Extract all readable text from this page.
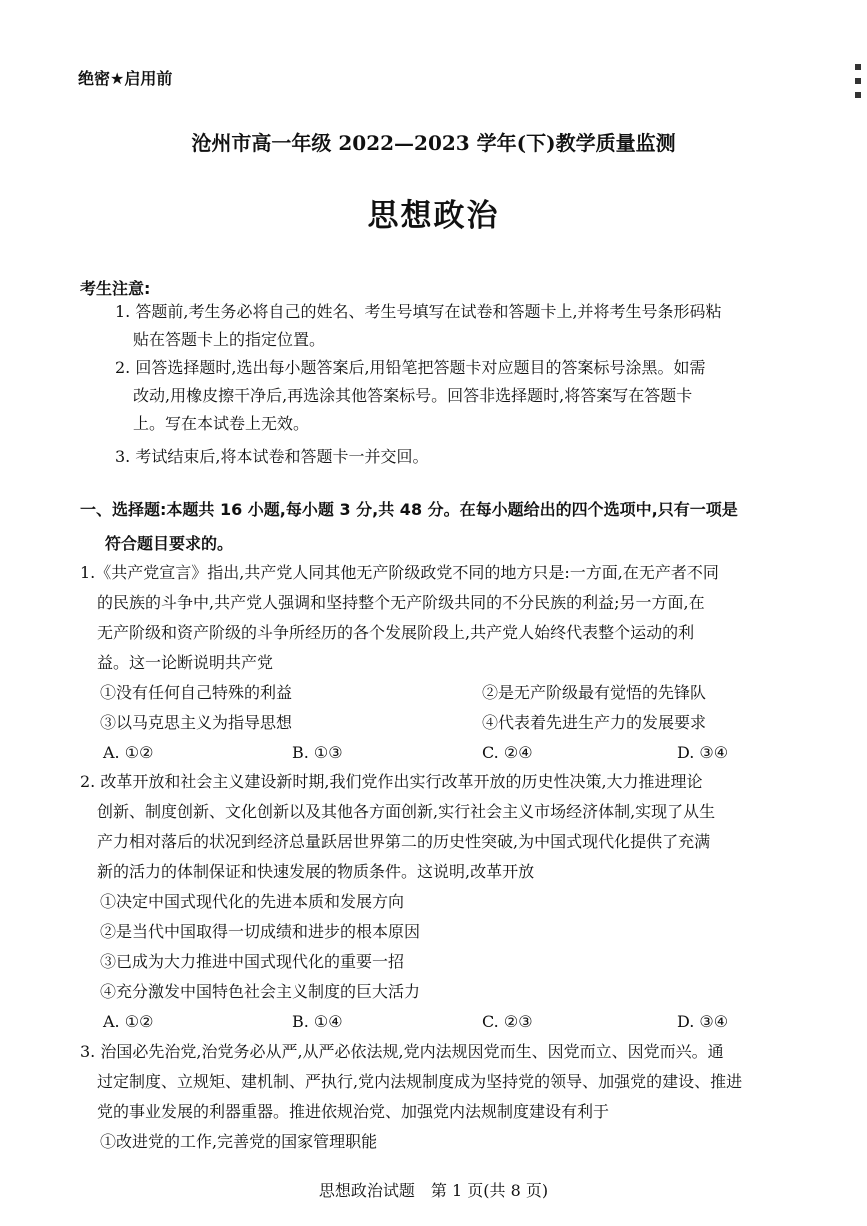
绝密★启用前
沧州市高一年级 2022—2023 学年(下)教学质量监测
思想政治
考生注意:
1. 答题前,考生务必将自己的姓名、考生号填写在试卷和答题卡上,并将考生号条形码粘
贴在答题卡上的指定位置。
2. 回答选择题时,选出每小题答案后,用铅笔把答题卡对应题目的答案标号涂黑。如需
改动,用橡皮擦干净后,再选涂其他答案标号。回答非选择题时,将答案写在答题卡
上。写在本试卷上无效。
3. 考试结束后,将本试卷和答题卡一并交回。
一、选择题:本题共 16 小题,每小题 3 分,共 48 分。在每小题给出的四个选项中,只有一项是
符合题目要求的。
1.《共产党宣言》指出,共产党人同其他无产阶级政党不同的地方只是:一方面,在无产者不同
的民族的斗争中,共产党人强调和坚持整个无产阶级共同的不分民族的利益;另一方面,在
无产阶级和资产阶级的斗争所经历的各个发展阶段上,共产党人始终代表整个运动的利
益。这一论断说明共产党
①没有任何自己特殊的利益	②是无产阶级最有觉悟的先锋队
③以马克思主义为指导思想	④代表着先进生产力的发展要求
A. ①②	B. ①③	C. ②④	D. ③④
2. 改革开放和社会主义建设新时期,我们党作出实行改革开放的历史性决策,大力推进理论
创新、制度创新、文化创新以及其他各方面创新,实行社会主义市场经济体制,实现了从生
产力相对落后的状况到经济总量跃居世界第二的历史性突破,为中国式现代化提供了充满
新的活力的体制保证和快速发展的物质条件。这说明,改革开放
①决定中国式现代化的先进本质和发展方向
②是当代中国取得一切成绩和进步的根本原因
③已成为大力推进中国式现代化的重要一招
④充分激发中国特色社会主义制度的巨大活力
A. ①②	B. ①④	C. ②③	D. ③④
3. 治国必先治党,治党务必从严,从严必依法规,党内法规因党而生、因党而立、因党而兴。通
过定制度、立规矩、建机制、严执行,党内法规制度成为坚持党的领导、加强党的建设、推进
党的事业发展的利器重器。推进依规治党、加强党内法规制度建设有利于
①改进党的工作,完善党的国家管理职能
思想政治试题　第 1 页(共 8 页)
